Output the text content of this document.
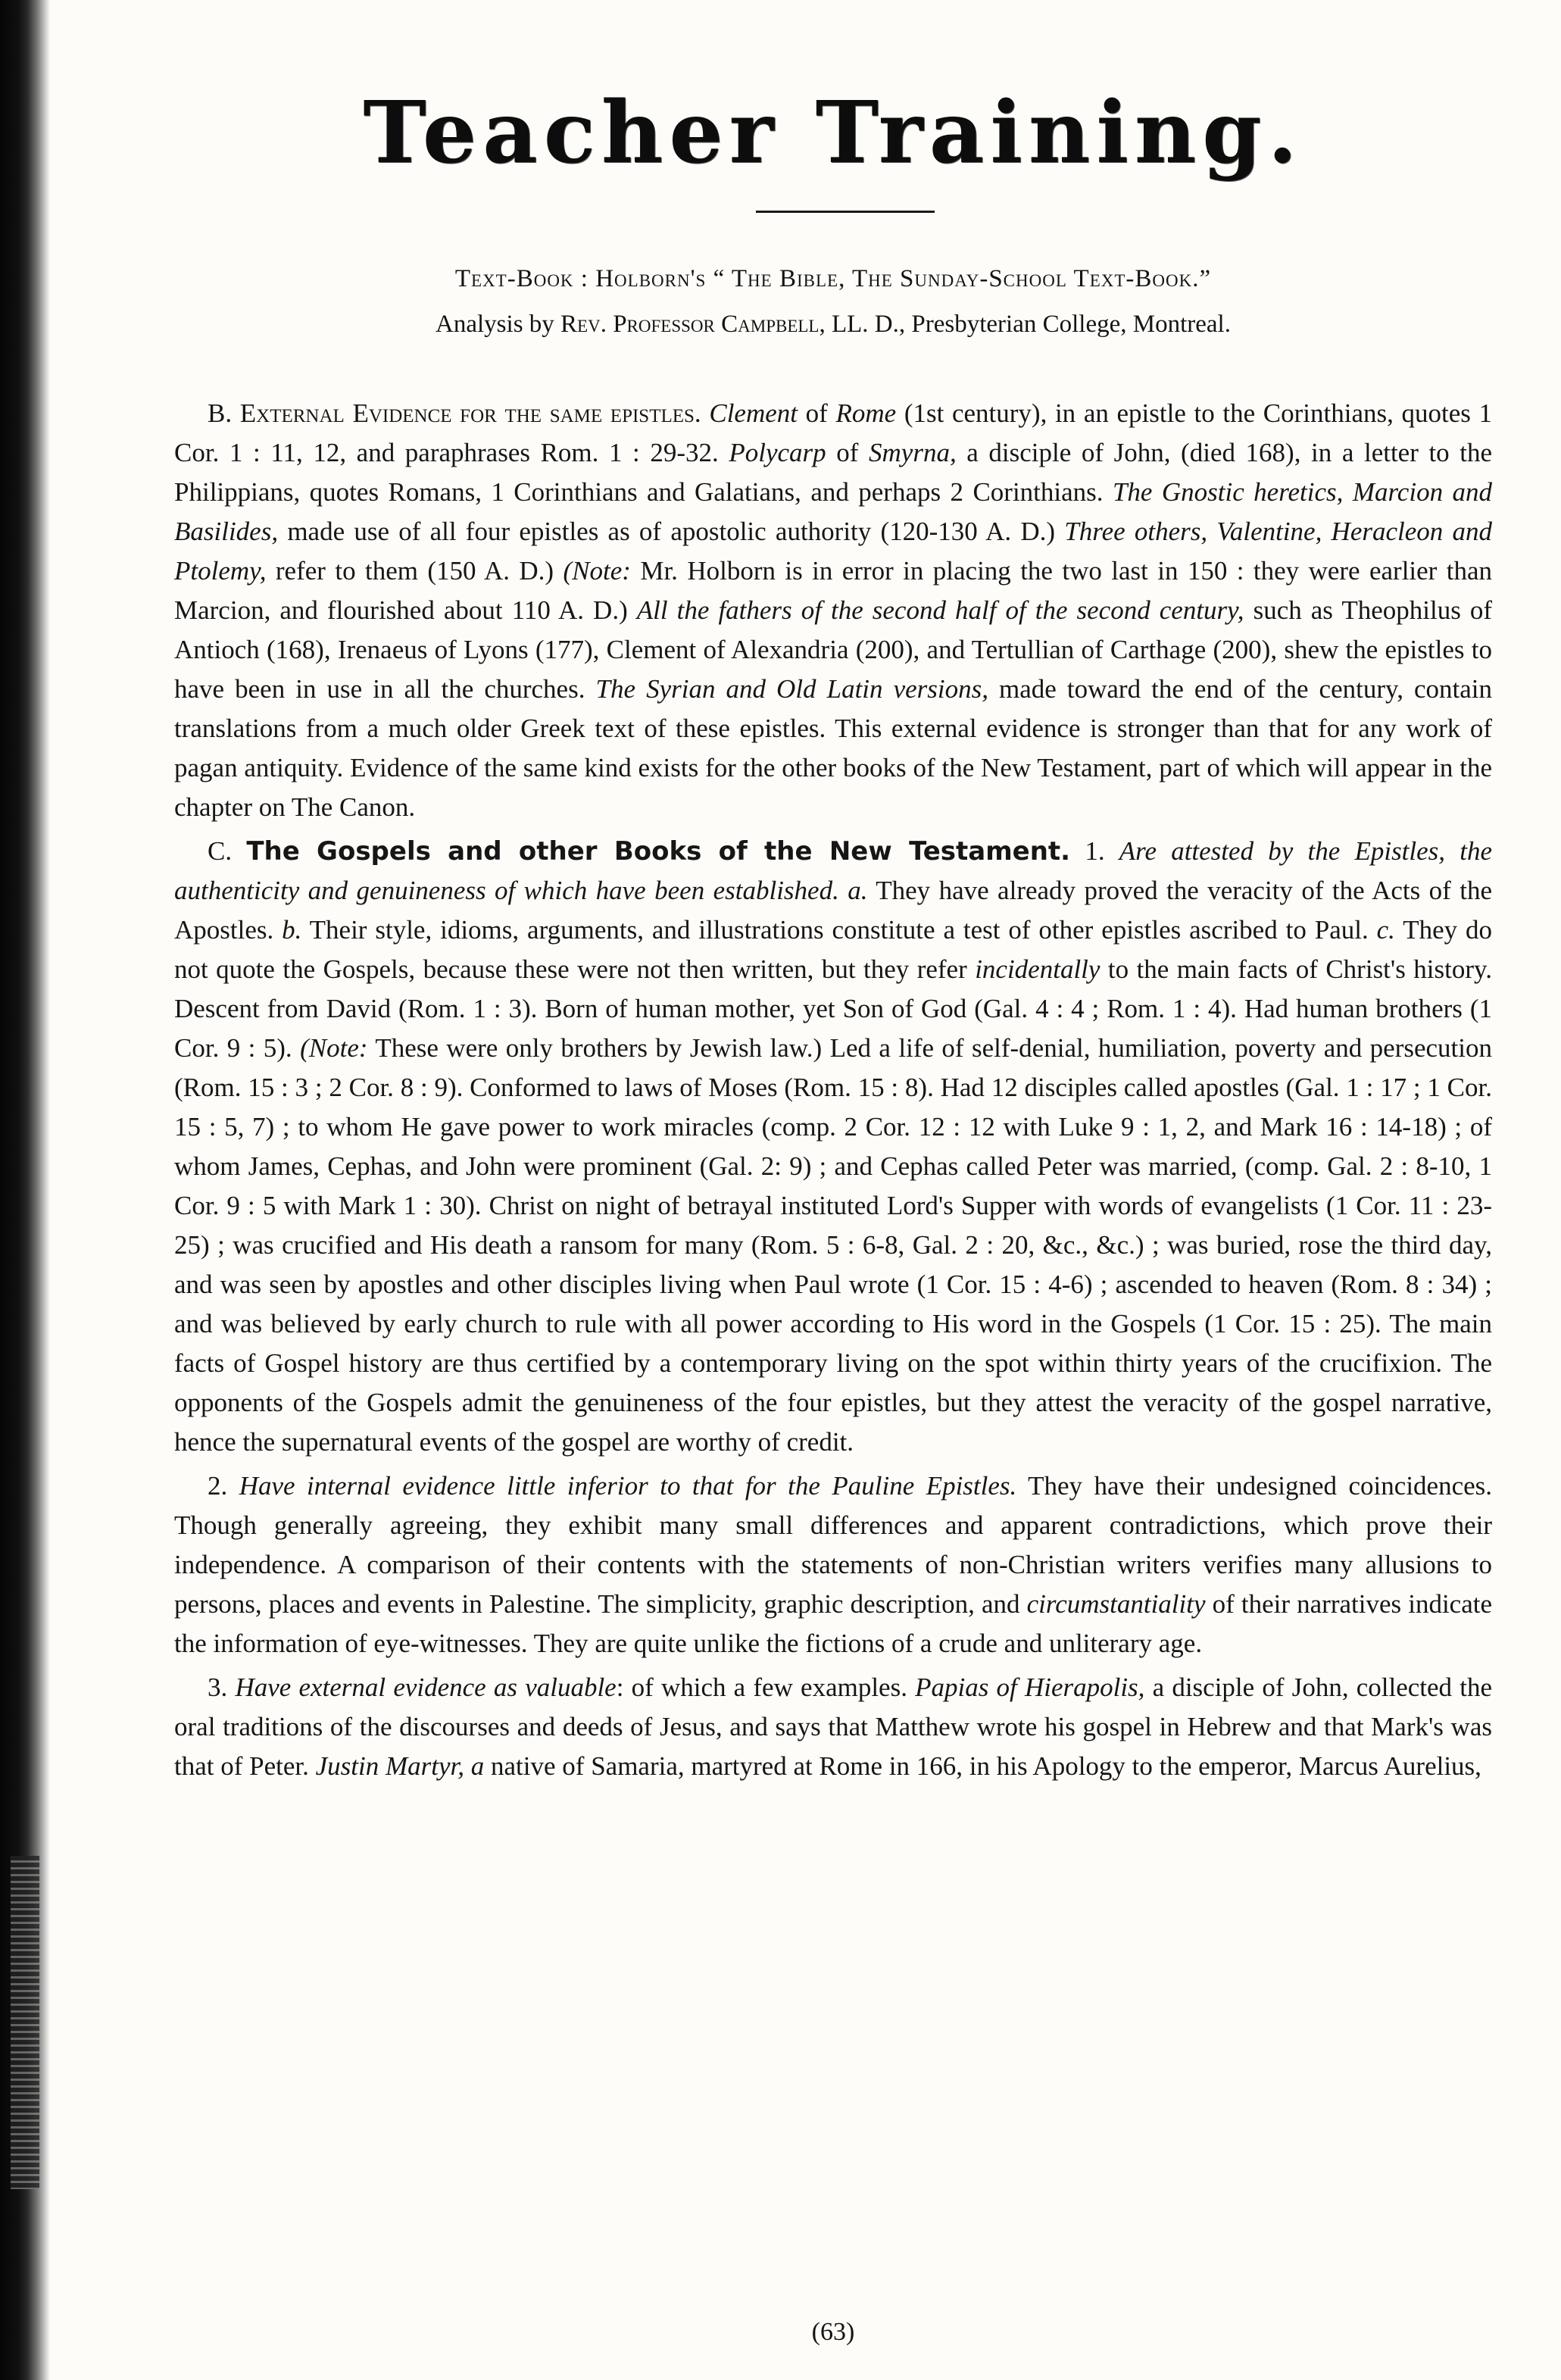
Teacher Training.
Text-Book : Holborn's “ The Bible, The Sunday-School Text-Book.”
Analysis by Rev. Professor Campbell, LL. D., Presbyterian College, Montreal.

B. External Evidence for the same epistles. Clement of Rome (1st century), in an epistle to the Corinthians, quotes 1 Cor. 1 : 11, 12, and paraphrases Rom. 1 : 29-32. Polycarp of Smyrna, a disciple of John, (died 168), in a letter to the Philippians, quotes Romans, 1 Corinthians and Galatians, and perhaps 2 Corinthians. The Gnostic heretics, Marcion and Basilides, made use of all four epistles as of apostolic authority (120-130 A. D.) Three others, Valentine, Heracleon and Ptolemy, refer to them (150 A. D.) (Note: Mr. Holborn is in error in placing the two last in 150 : they were earlier than Marcion, and flourished about 110 A. D.) All the fathers of the second half of the second century, such as Theophilus of Antioch (168), Irenaeus of Lyons (177), Clement of Alexandria (200), and Tertullian of Carthage (200), shew the epistles to have been in use in all the churches. The Syrian and Old Latin versions, made toward the end of the century, contain translations from a much older Greek text of these epistles. This external evidence is stronger than that for any work of pagan antiquity. Evidence of the same kind exists for the other books of the New Testament, part of which will appear in the chapter on The Canon.

C. The Gospels and other Books of the New Testament. 1. Are attested by the Epistles, the authenticity and genuineness of which have been established. a. They have already proved the veracity of the Acts of the Apostles. b. Their style, idioms, arguments, and illustrations constitute a test of other epistles ascribed to Paul. c. They do not quote the Gospels, because these were not then written, but they refer incidentally to the main facts of Christ's history. Descent from David (Rom. 1 : 3). Born of human mother, yet Son of God (Gal. 4 : 4 ; Rom. 1 : 4). Had human brothers (1 Cor. 9 : 5). (Note: These were only brothers by Jewish law.) Led a life of self-denial, humiliation, poverty and persecution (Rom. 15 : 3 ; 2 Cor. 8 : 9). Conformed to laws of Moses (Rom. 15 : 8). Had 12 disciples called apostles (Gal. 1 : 17 ; 1 Cor. 15 : 5, 7) ; to whom He gave power to work miracles (comp. 2 Cor. 12 : 12 with Luke 9 : 1, 2, and Mark 16 : 14-18) ; of whom James, Cephas, and John were prominent (Gal. 2: 9) ; and Cephas called Peter was married, (comp. Gal. 2 : 8-10, 1 Cor. 9 : 5 with Mark 1 : 30). Christ on night of betrayal instituted Lord's Supper with words of evangelists (1 Cor. 11 : 23-25) ; was crucified and His death a ransom for many (Rom. 5 : 6-8, Gal. 2 : 20, &c., &c.) ; was buried, rose the third day, and was seen by apostles and other disciples living when Paul wrote (1 Cor. 15 : 4-6) ; ascended to heaven (Rom. 8 : 34) ; and was believed by early church to rule with all power according to His word in the Gospels (1 Cor. 15 : 25). The main facts of Gospel history are thus certified by a contemporary living on the spot within thirty years of the crucifixion. The opponents of the Gospels admit the genuineness of the four epistles, but they attest the veracity of the gospel narrative, hence the supernatural events of the gospel are worthy of credit.

2. Have internal evidence little inferior to that for the Pauline Epistles. They have their undesigned coincidences. Though generally agreeing, they exhibit many small differences and apparent contradictions, which prove their independence. A comparison of their contents with the statements of non-Christian writers verifies many allusions to persons, places and events in Palestine. The simplicity, graphic description, and circumstantiality of their narratives indicate the information of eye-witnesses. They are quite unlike the fictions of a crude and unliterary age.

3. Have external evidence as valuable: of which a few examples. Papias of Hierapolis, a disciple of John, collected the oral traditions of the discourses and deeds of Jesus, and says that Matthew wrote his gospel in Hebrew and that Mark's was that of Peter. Justin Martyr, a native of Samaria, martyred at Rome in 166, in his Apology to the emperor, Marcus Aurelius,

(63)
